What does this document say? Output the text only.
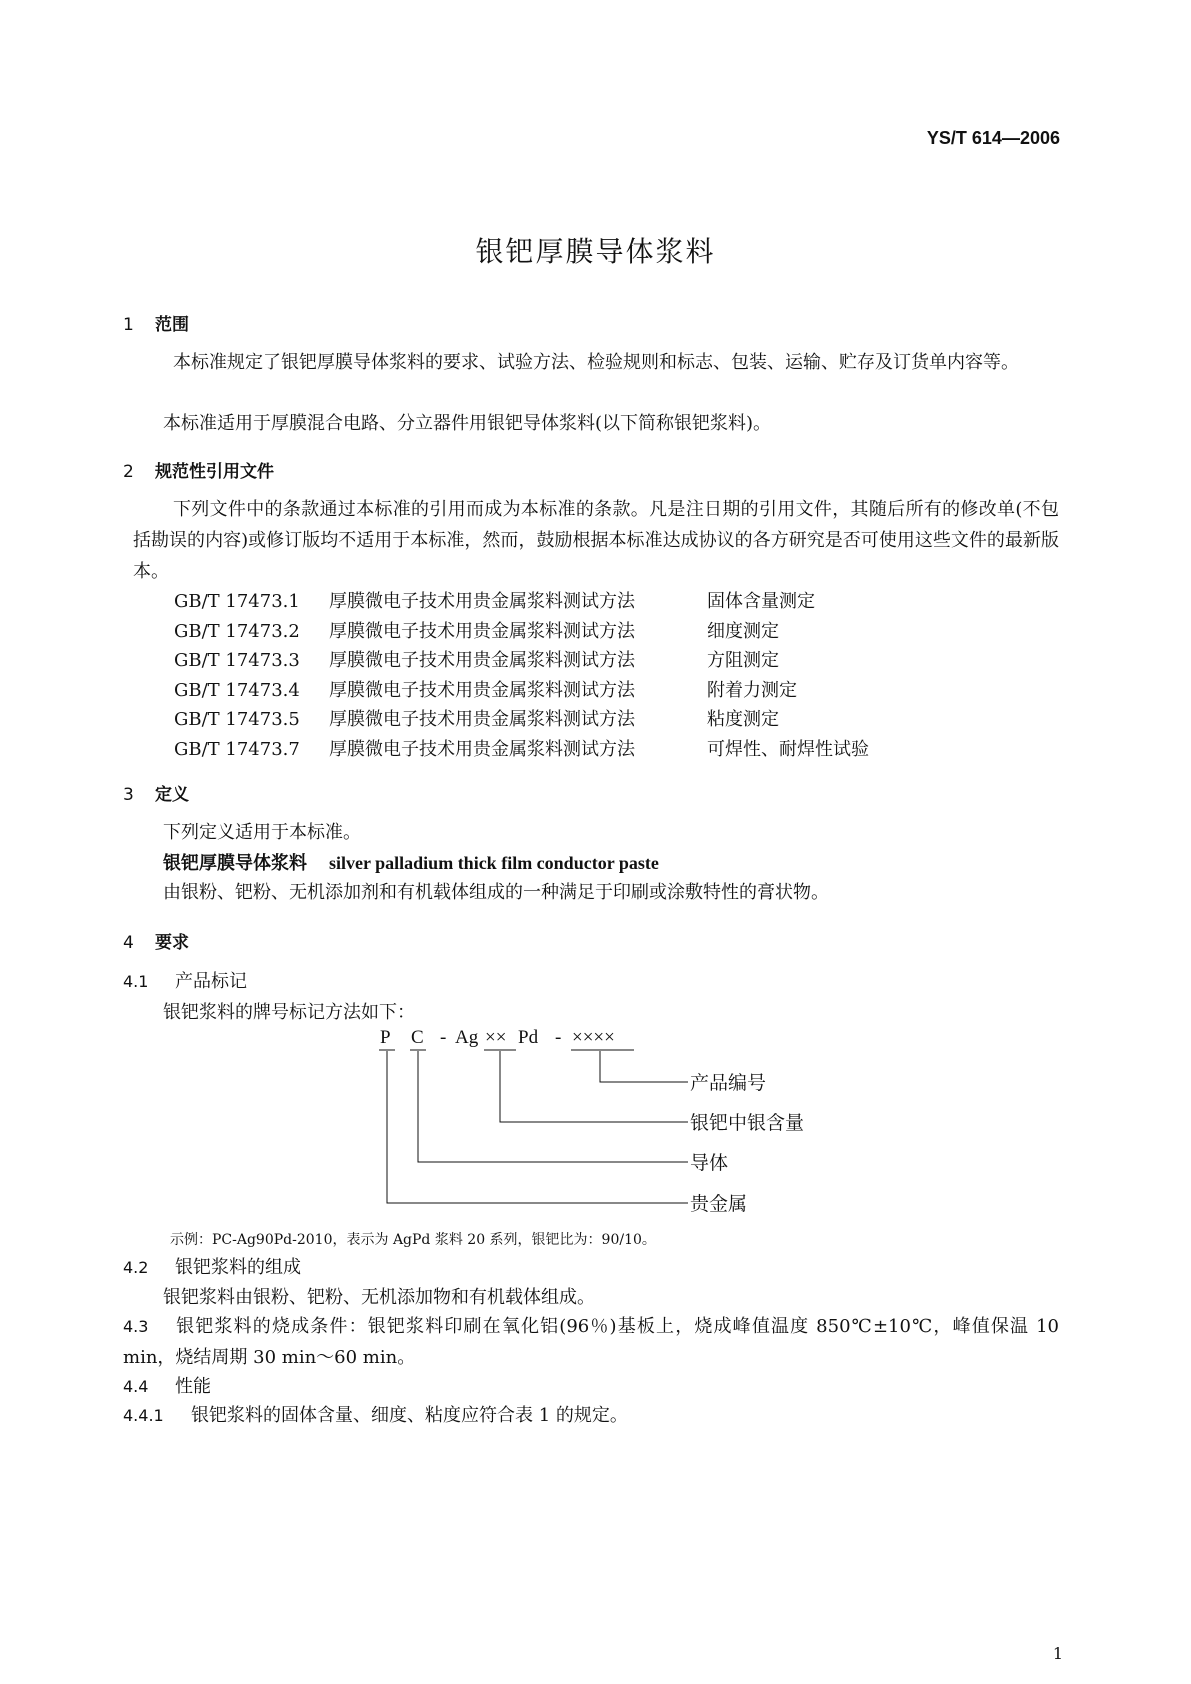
YS/T 614—2006
银钯厚膜导体浆料
1 范围
本标准规定了银钯厚膜导体浆料的要求、试验方法、检验规则和标志、包装、运输、贮存及订货单内容等。
本标准适用于厚膜混合电路、分立器件用银钯导体浆料(以下简称银钯浆料)。
2 规范性引用文件
下列文件中的条款通过本标准的引用而成为本标准的条款。凡是注日期的引用文件，其随后所有的修改单(不包括勘误的内容)或修订版均不适用于本标准，然而，鼓励根据本标准达成协议的各方研究是否可使用这些文件的最新版本。
GB/T 17473.1 厚膜微电子技术用贵金属浆料测试方法	固体含量测定
GB/T 17473.2 厚膜微电子技术用贵金属浆料测试方法	细度测定
GB/T 17473.3 厚膜微电子技术用贵金属浆料测试方法	方阻测定
GB/T 17473.4 厚膜微电子技术用贵金属浆料测试方法	附着力测定
GB/T 17473.5 厚膜微电子技术用贵金属浆料测试方法	粘度测定
GB/T 17473.7 厚膜微电子技术用贵金属浆料测试方法	可焊性、耐焊性试验
3 定义
下列定义适用于本标准。
银钯厚膜导体浆料 silver palladium thick film conductor paste
由银粉、钯粉、无机添加剂和有机载体组成的一种满足于印刷或涂敷特性的膏状物。
4 要求
4.1 产品标记
银钯浆料的牌号标记方法如下：
P C - Ag ×× Pd - ××××
产品编号
银钯中银含量
导体
贵金属
示例：PC-Ag90Pd-2010，表示为 AgPd 浆料 20 系列，银钯比为：90/10。
4.2 银钯浆料的组成
银钯浆料由银粉、钯粉、无机添加物和有机载体组成。
4.3 银钯浆料的烧成条件：银钯浆料印刷在氧化铝(96％)基板上，烧成峰值温度 850℃±10℃，峰值保温 10 min，烧结周期 30 min～60 min。
4.4 性能
4.4.1 银钯浆料的固体含量、细度、粘度应符合表 1 的规定。
1
